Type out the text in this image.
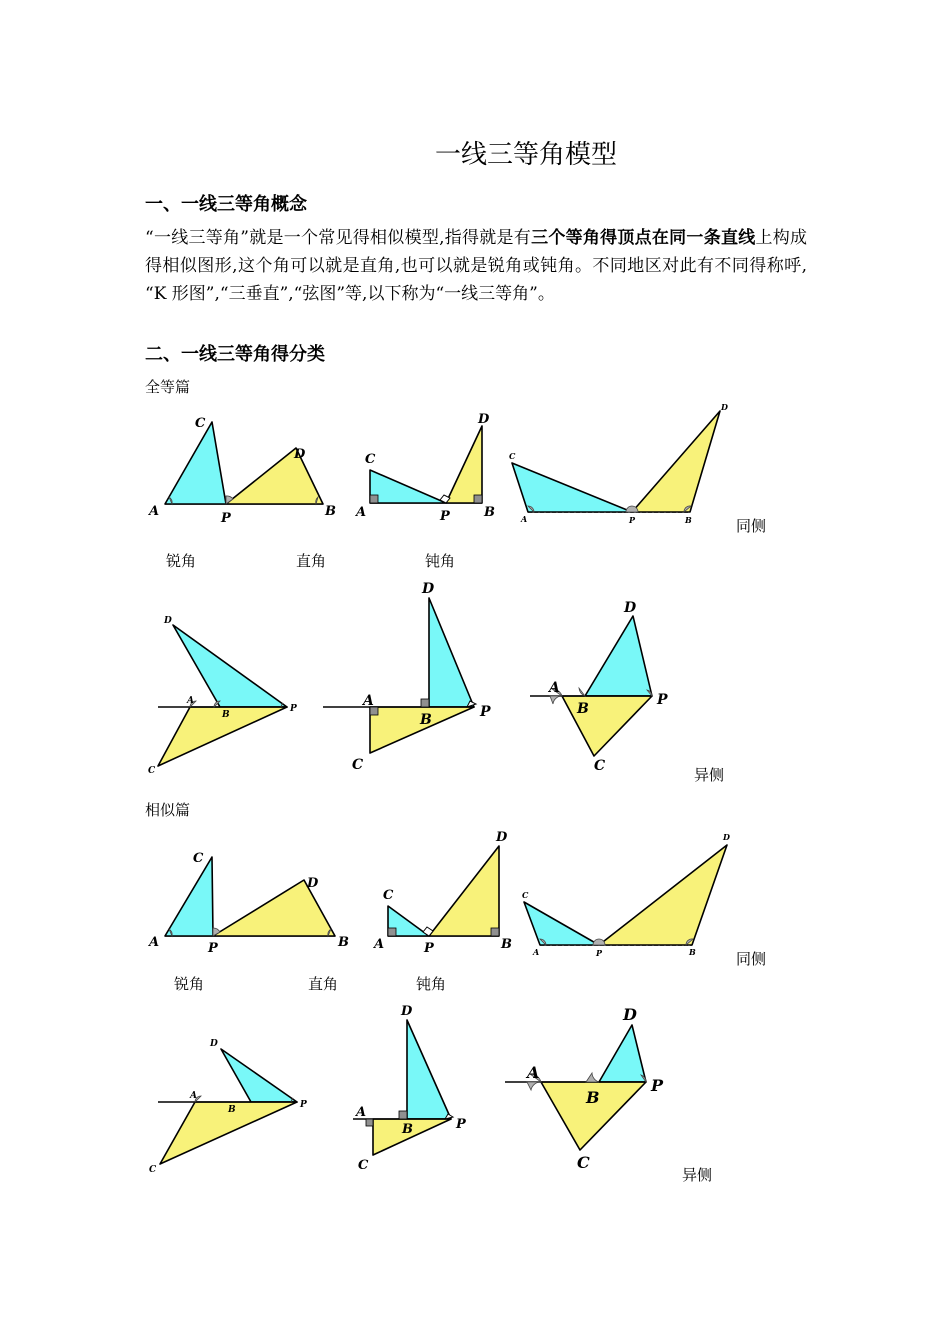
一线三等角模型
一、一线三等角概念
“一线三等角”就是一个常见得相似模型,指得就是有三个等角得顶点在同一条直线上构成得相似图形,这个角可以就是直角,也可以就是锐角或钝角。不同地区对此有不同得称呼, “K 形图”,“三垂直”,“弦图”等,以下称为“一线三等角”。
二、一线三等角得分类
全等篇
A
C
P
D
B A
C
P
D
B
C
A	P	B
D
同侧
锐角	直角	钝角
D
A
B
P
C
D
A
B	P
C
D
A
B
P
C	异侧
相似篇
A
C
P
D
B A
C
P
D
B
C
A	P	B
D
同侧
锐角	直角	钝角
D
A
B	P
C
D
A
B	P
C
D
A
B
P
C
异侧
